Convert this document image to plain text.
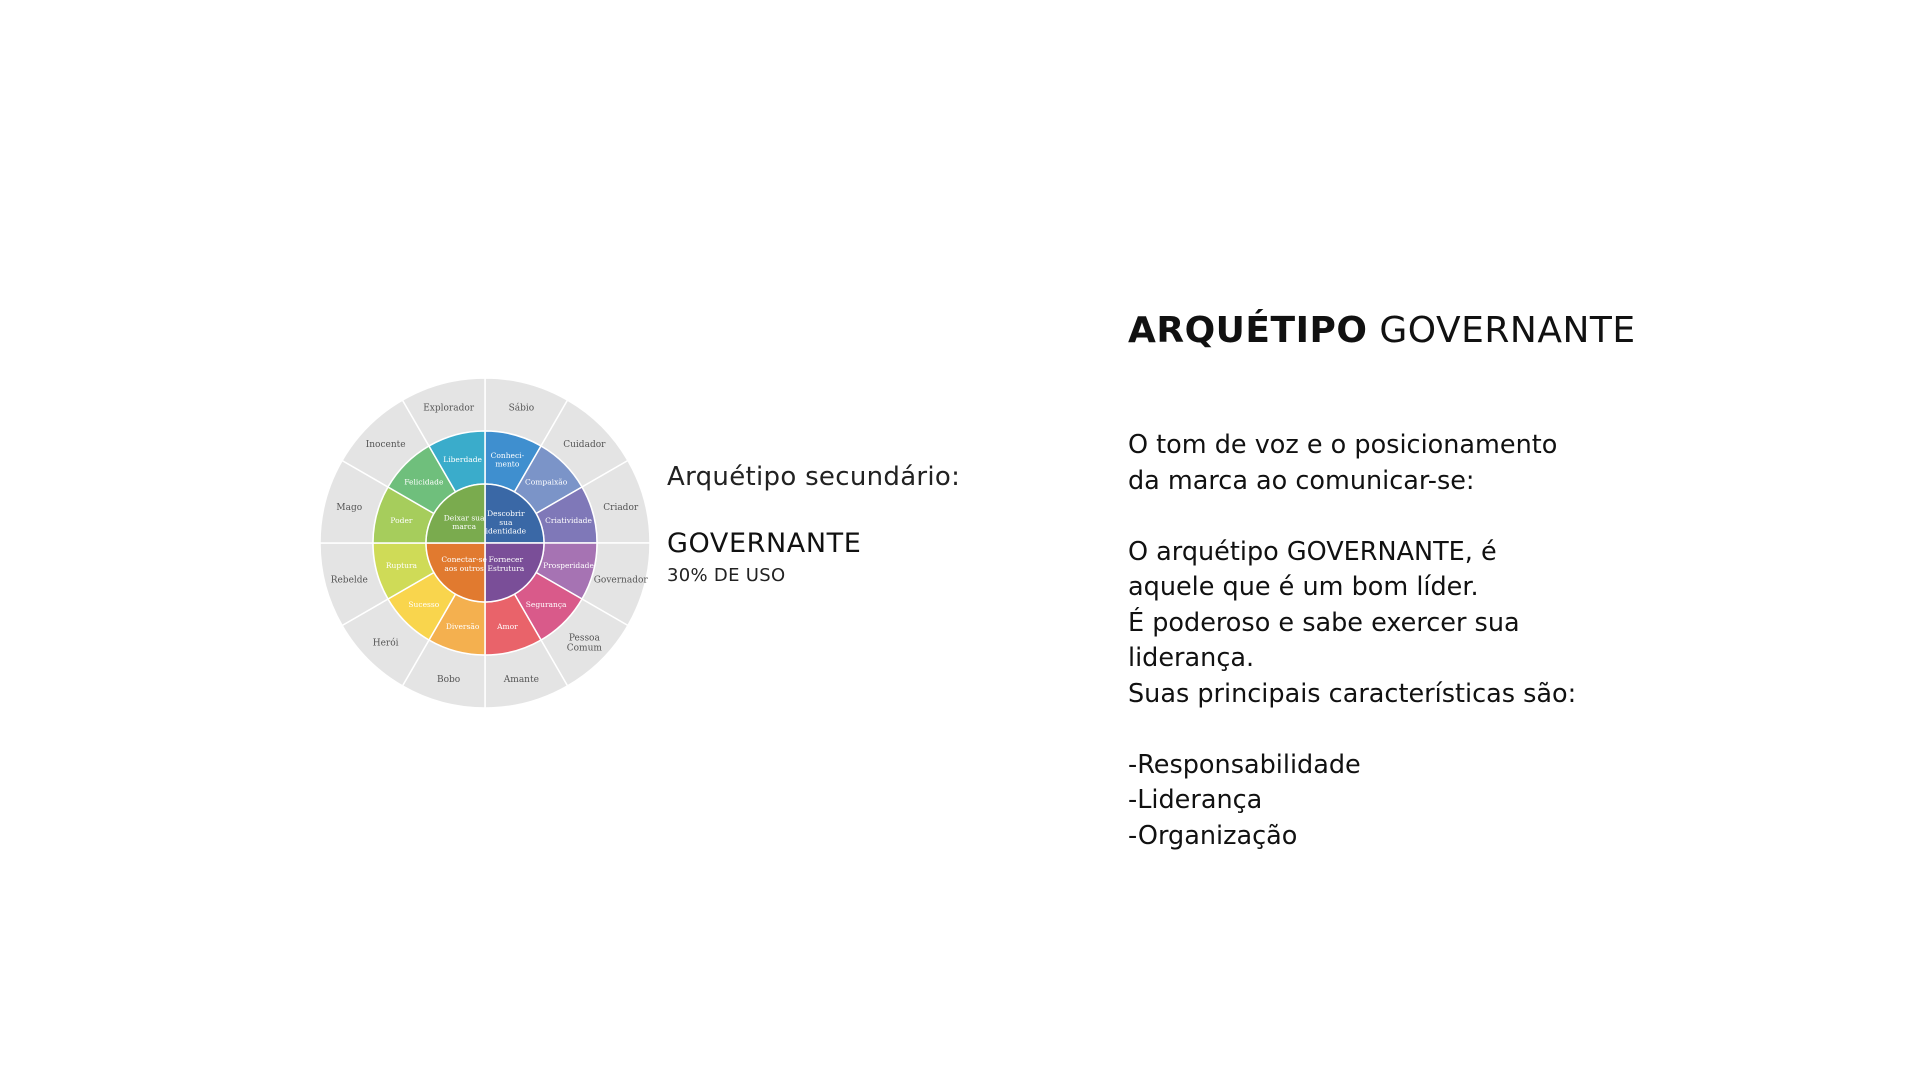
Sábio
Cuidador
Criador
Governador
Pessoa Comum
Amante
Bobo
Herói
Rebelde
Mago
Inocente
Explorador
Conheci-mento
Compaixão
Criatividade
Prosperidade
Segurança
Amor
Diversão
Sucesso
Ruptura
Poder
Felicidade
Liberdade
Descobrir sua identidade
Fornecer Estrutura
Conectar-se aos outros
Deixar sua marca
Arquétipo secundário:
GOVERNANTE
30% DE USO
ARQUÉTIPO GOVERNANTE

O tom de voz e o posicionamento

da marca ao comunicar-se:

O arquétipo GOVERNANTE, é

aquele que é um bom líder.

É poderoso e sabe exercer sua

liderança.

Suas principais características são:

-Responsabilidade

-Liderança

-Organização
